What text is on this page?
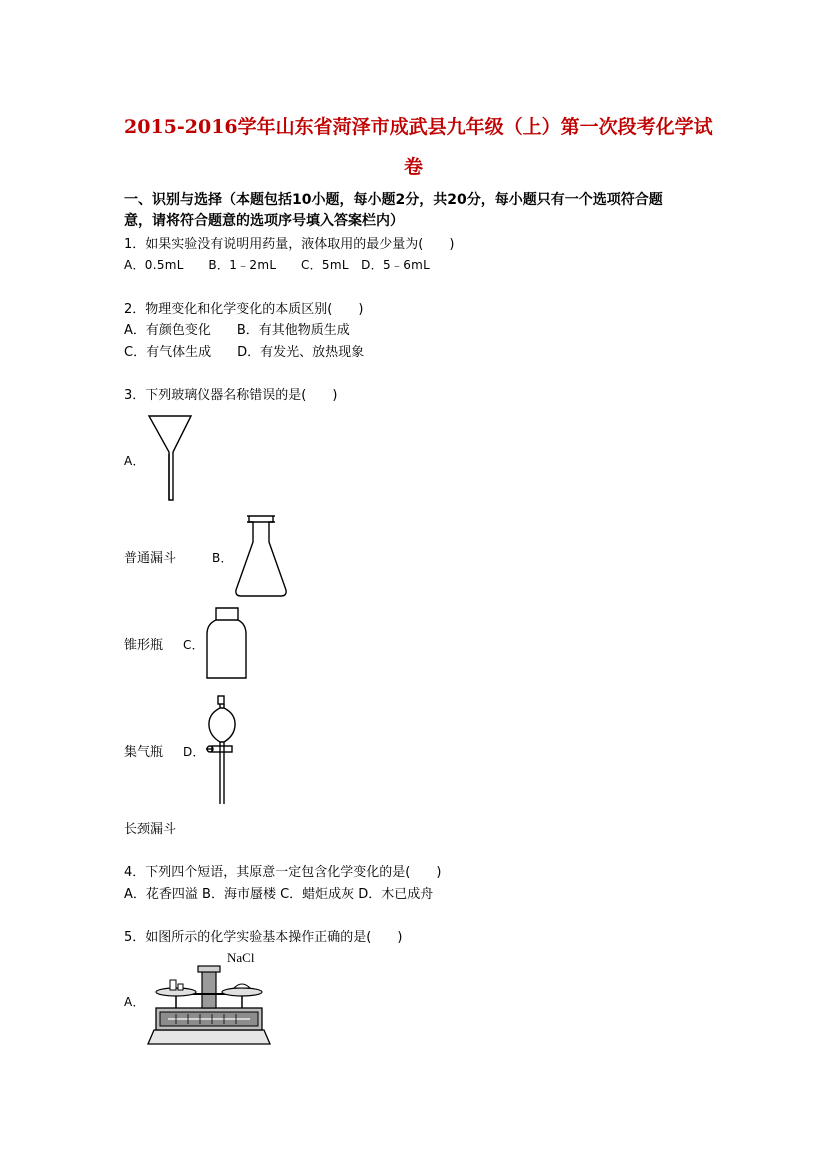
2015-2016学年山东省菏泽市成武县九年级（上）第一次段考化学试
卷
一、识别与选择（本题包括10小题，每小题2分，共20分，每小题只有一个选项符合题
意，请将符合题意的选项序号填入答案栏内）
1．如果实验没有说明用药量，液体取用的最少量为(　　)
A．0.5mL　　B．1﹣2mL　　C．5mL　D．5﹣6mL
2．物理变化和化学变化的本质区别(　　)
A．有颜色变化　　B．有其他物质生成
C．有气体生成　　D．有发光、放热现象
3．下列玻璃仪器名称错误的是(　　)
A．
普通漏斗	B．
锥形瓶 C．
集气瓶 D．
长颈漏斗
4．下列四个短语，其原意一定包含化学变化的是(　　)
A．花香四溢 B．海市蜃楼 C．蜡炬成灰 D．木已成舟
5．如图所示的化学实验基本操作正确的是(　　)
A．
NaCl
